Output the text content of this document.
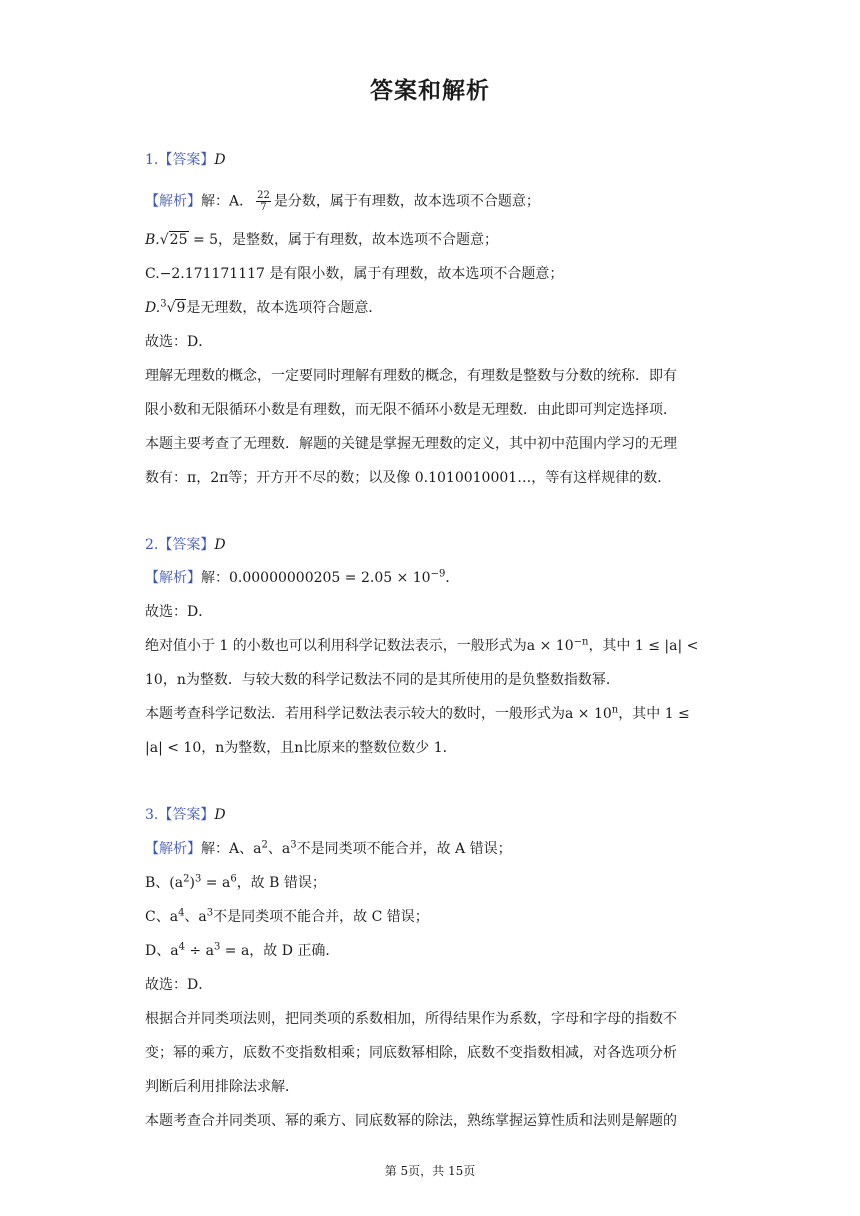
答案和解析
1.【答案】D
【解析】解：A． $\frac{22}{7}$ 是分数，属于有理数，故本选项不合题意；
B.√25 = 5，是整数，属于有理数，故本选项不合题意；
C.−2.171171117 是有限小数，属于有理数，故本选项不合题意；
D.$^3$√9是无理数，故本选项符合题意．
故选：D．
理解无理数的概念，一定要同时理解有理数的概念，有理数是整数与分数的统称．即有
限小数和无限循环小数是有理数，而无限不循环小数是无理数．由此即可判定选择项．
本题主要考查了无理数．解题的关键是掌握无理数的定义，其中初中范围内学习的无理
数有：π，2π等；开方开不尽的数；以及像 0.1010010001…，等有这样规律的数．
2.【答案】D
【解析】解：$0.00000000205 = 2.05 \times 10^{-9}$．
故选：D．
绝对值小于 1 的小数也可以利用科学记数法表示，一般形式为$a \times 10^{-n}$，其中 1 ≤ |a| <
10，n为整数．与较大数的科学记数法不同的是其所使用的是负整数指数幂．
本题考查科学记数法．若用科学记数法表示较大的数时，一般形式为$a \times 10^n$，其中 1 ≤
|a| < 10，n为整数，且n比原来的整数位数少 1．
3.【答案】D
【解析】解：A、$a^2$、$a^3$不是同类项不能合并，故 A 错误；
B、$(a^2)^3 = a^6$，故 B 错误；
C、$a^4$、$a^3$不是同类项不能合并，故 C 错误；
D、$a^4 \div a^3 = a$，故 D 正确．
故选：D．
根据合并同类项法则，把同类项的系数相加，所得结果作为系数，字母和字母的指数不
变；幂的乘方，底数不变指数相乘；同底数幂相除，底数不变指数相减，对各选项分析
判断后利用排除法求解．
本题考查合并同类项、幂的乘方、同底数幂的除法，熟练掌握运算性质和法则是解题的
第 5页，共 15页
